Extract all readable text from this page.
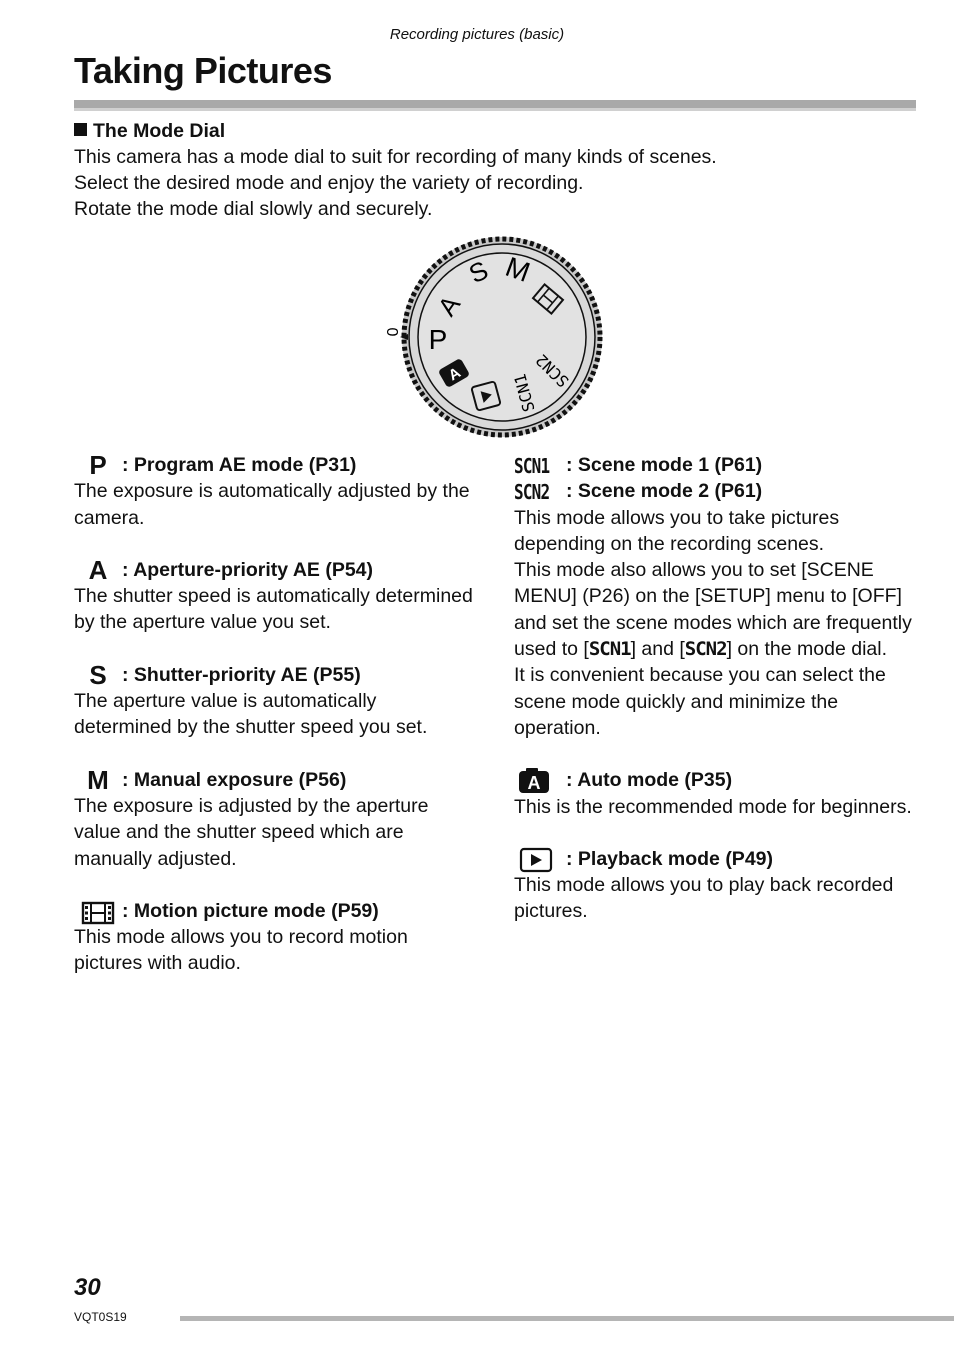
Recording pictures (basic)
Taking Pictures
The Mode Dial

This camera has a mode dial to suit for recording of many kinds of scenes.

Select the desired mode and enjoy the variety of recording.

Rotate the mode dial slowly and securely.

S M
A
P
SCN2
SCN1
A
0
P : Program AE mode (P31)

The exposure is automatically adjusted by the camera.

A : Aperture-priority AE (P54)

The shutter speed is automatically determined by the aperture value you set.

S : Shutter-priority AE (P55)

The aperture value is automatically determined by the shutter speed you set.

M : Manual exposure (P56)

The exposure is adjusted by the aperture value and the shutter speed which are manually adjusted.

: Motion picture mode (P59)

This mode allows you to record motion pictures with audio.

SCN1 : Scene mode 1 (P61)
SCN2 : Scene mode 2 (P61)

This mode allows you to take pictures depending on the recording scenes.

This mode also allows you to set [SCENE MENU] (P26) on the [SETUP] menu to [OFF] and set the scene modes which are frequently used to [SCN1] and [SCN2] on the mode dial.

It is convenient because you can select the scene mode quickly and minimize the operation.

A : Auto mode (P35)

This is the recommended mode for beginners.

: Playback mode (P49)

This mode allows you to play back recorded pictures.

30
VQT0S19
